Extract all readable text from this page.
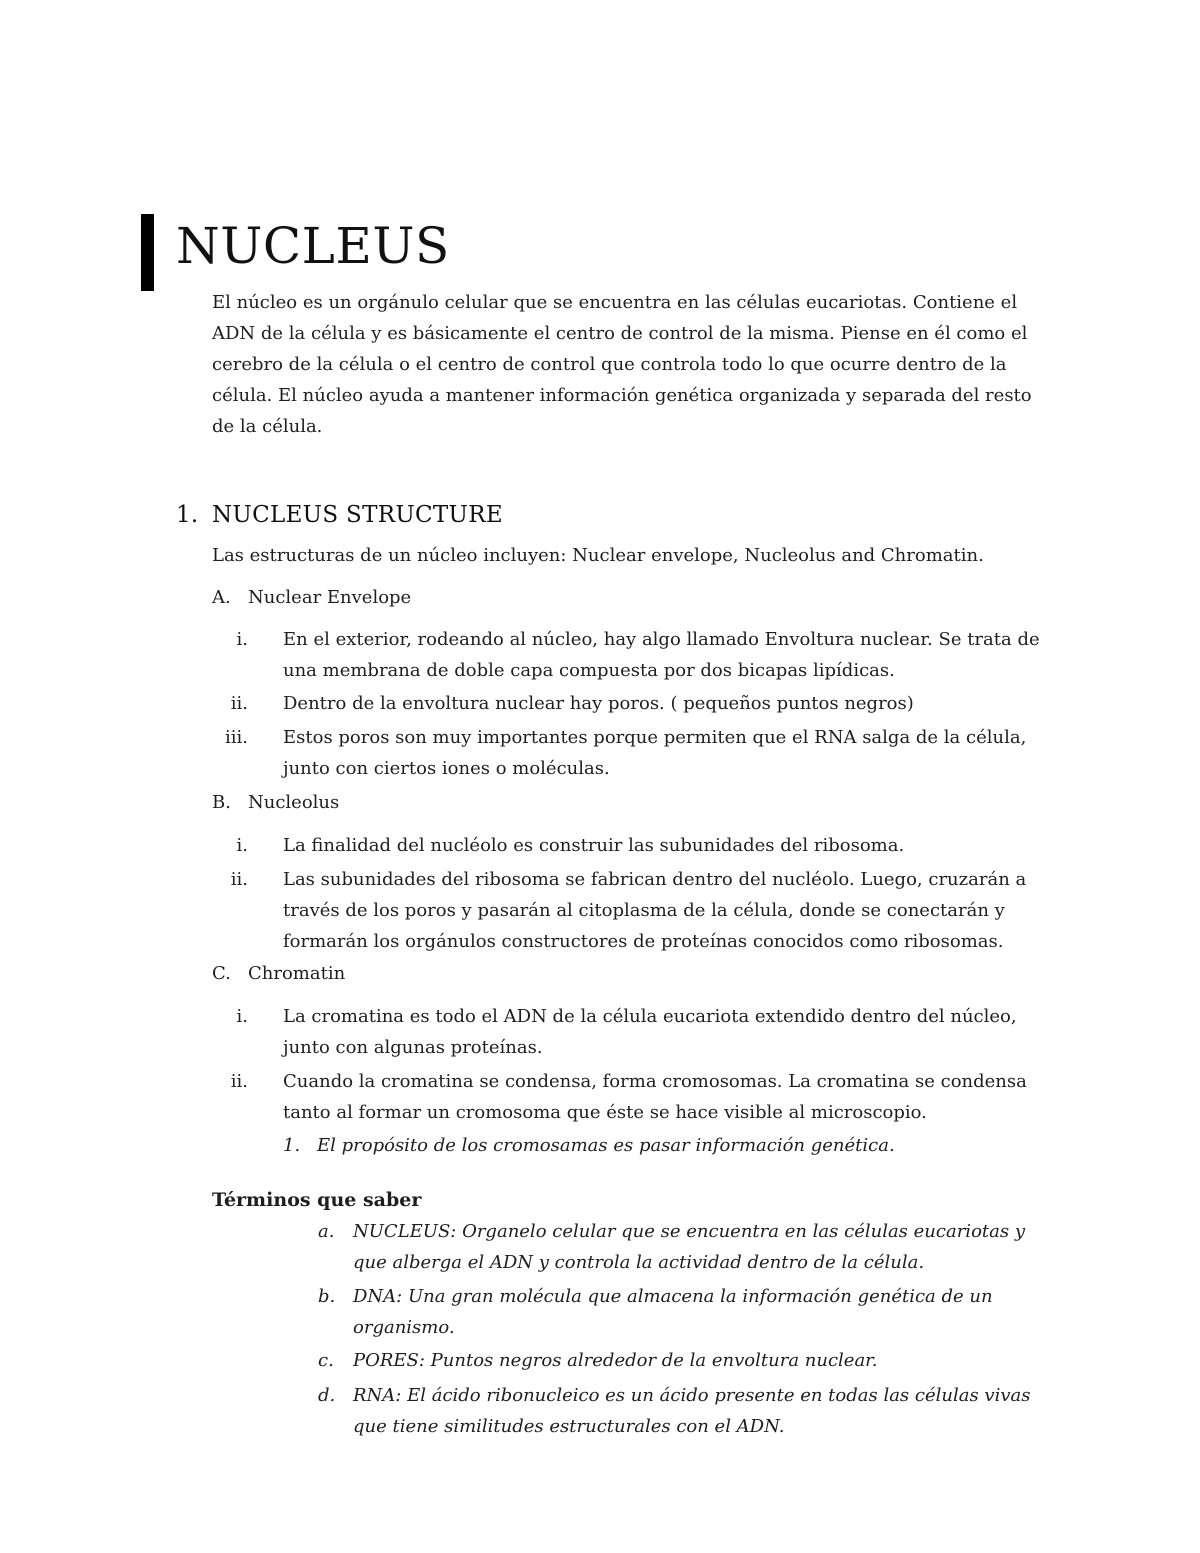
NUCLEUS

El núcleo es un orgánulo celular que se encuentra en las células eucariotas. Contiene el ADN de la célula y es básicamente el centro de control de la misma. Piense en él como el cerebro de la célula o el centro de control que controla todo lo que ocurre dentro de la célula. El núcleo ayuda a mantener información genética organizada y separada del resto de la célula.

1. NUCLEUS STRUCTURE
Las estructuras de un núcleo incluyen: Nuclear envelope, Nucleolus and Chromatin.
A. Nuclear Envelope
i. En el exterior, rodeando al núcleo, hay algo llamado Envoltura nuclear. Se trata de una membrana de doble capa compuesta por dos bicapas lipídicas.
ii. Dentro de la envoltura nuclear hay poros. ( pequeños puntos negros)
iii. Estos poros son muy importantes porque permiten que el RNA salga de la célula, junto con ciertos iones o moléculas.
B. Nucleolus
i. La finalidad del nucléolo es construir las subunidades del ribosoma.
ii. Las subunidades del ribosoma se fabrican dentro del nucléolo. Luego, cruzarán a través de los poros y pasarán al citoplasma de la célula, donde se conectarán y formarán los orgánulos constructores de proteínas conocidos como ribosomas.
C. Chromatin
i. La cromatina es todo el ADN de la célula eucariota extendido dentro del núcleo, junto con algunas proteínas.
ii. Cuando la cromatina se condensa, forma cromosomas. La cromatina se condensa tanto al formar un cromosoma que éste se hace visible al microscopio.
1. El propósito de los cromosamas es pasar información genética.
Términos que saber
a. NUCLEUS: Organelo celular que se encuentra en las células eucariotas y que alberga el ADN y controla la actividad dentro de la célula.
b. DNA: Una gran molécula que almacena la información genética de un organismo.
c. PORES: Puntos negros alrededor de la envoltura nuclear.
d. RNA: El ácido ribonucleico es un ácido presente en todas las células vivas que tiene similitudes estructurales con el ADN.
